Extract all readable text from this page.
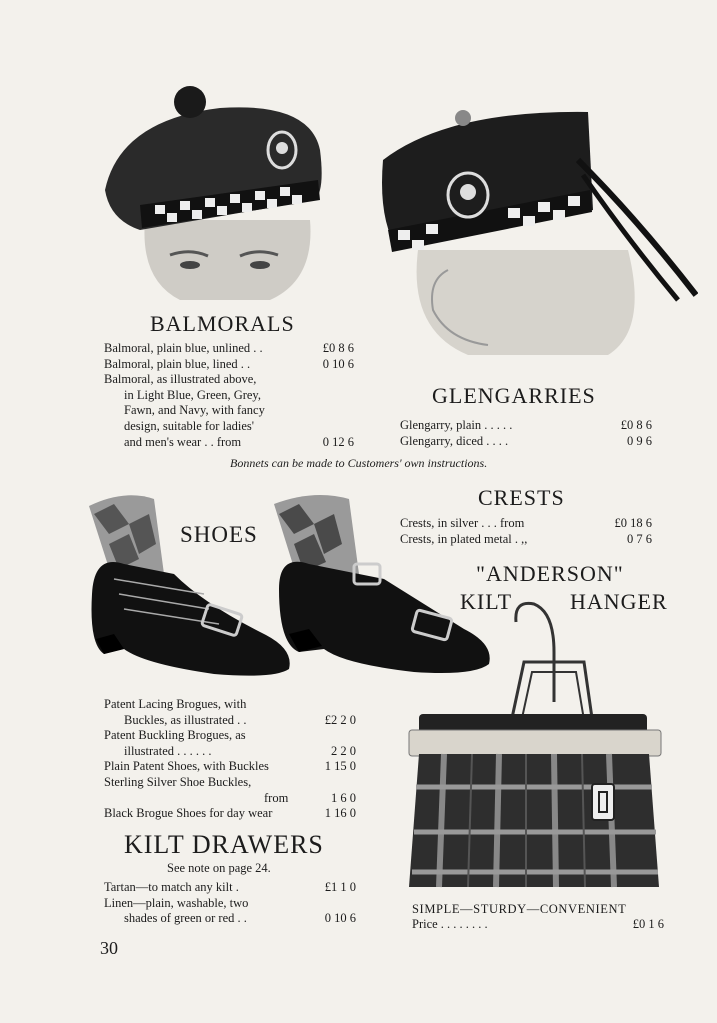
BALMORALS
Balmoral, plain blue, unlined . .	£0 8 6
Balmoral, plain blue, lined . .	0 10 6
Balmoral, as illustrated above,
in Light Blue, Green, Grey,
Fawn, and Navy, with fancy
design, suitable for ladies'
and men's wear . . from	0 12 6
GLENGARRIES
Glengarry, plain . . . . .	£0 8 6
Glengarry, diced . . . .	0 9 6
Bonnets can be made to Customers' own instructions.
CRESTS
Crests, in silver . . . from	£0 18 6
Crests, in plated metal . ,,	0 7 6
SHOES
"ANDERSON"
KILT	HANGER
Patent Lacing Brogues, with
Buckles, as illustrated . .	£2 2 0
Patent Buckling Brogues, as
illustrated . . . . . .	2 2 0
Plain Patent Shoes, with Buckles	1 15 0
Sterling Silver Shoe Buckles,
from	1 6 0
Black Brogue Shoes for day wear	1 16 0
KILT DRAWERS
See note on page 24.
Tartan—to match any kilt .	£1 1 0
Linen—plain, washable, two
shades of green or red . .	0 10 6
SIMPLE—STURDY—CONVENIENT
Price . . . . . . . .	£0 1 6
30
